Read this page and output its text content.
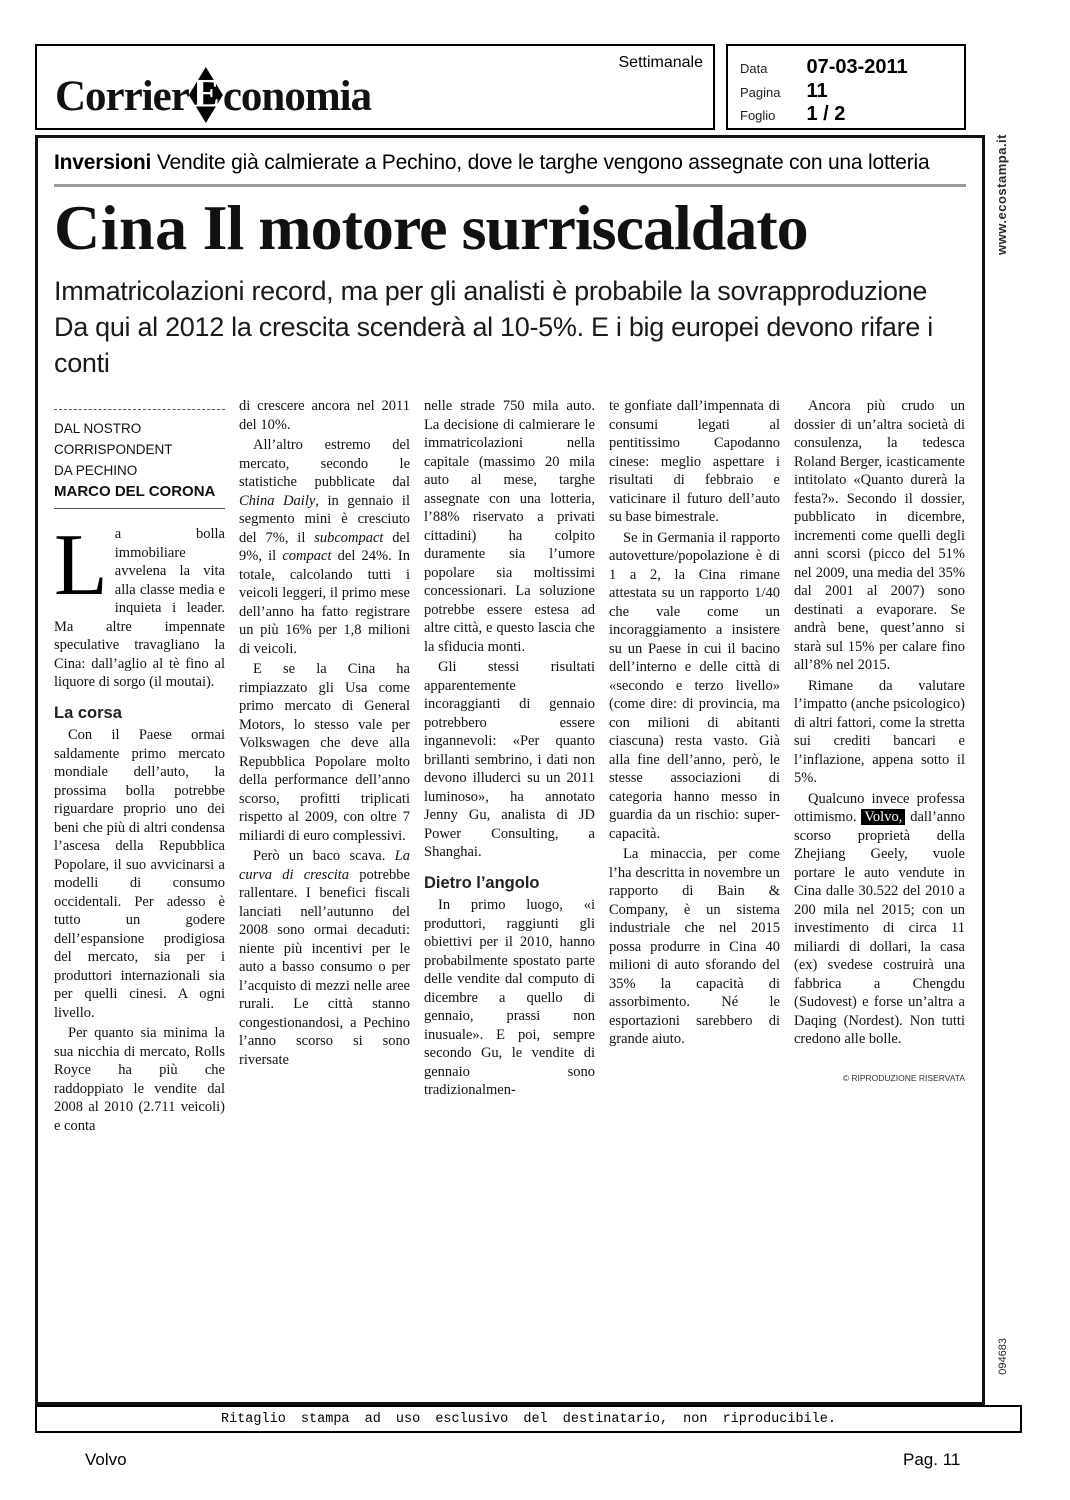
Corrier E conomia
Settimanale	Data 07-03-2011
Pagina 11
Foglio 1 / 2
www.ecostampa.it
094683
Inversioni Vendite già calmierate a Pechino, dove le targhe vengono assegnate con una lotteria
Cina Il motore surriscaldato
Immatricolazioni record, ma per gli analisti è probabile la sovrapproduzione
Da qui al 2012 la crescita scenderà al 10-5%. E i big europei devono rifare i conti
DAL NOSTRO CORRISPONDENT
DA PECHINO
MARCO DEL CORONA

La bolla immobiliare avvelena la vita alla classe media e inquieta i leader. Ma altre impennate speculative travagliano la Cina: dall’aglio al tè fino al liquore di sorgo (il moutai).

La corsa

Con il Paese ormai saldamente primo mercato mondiale dell’auto, la prossima bolla potrebbe riguardare proprio uno dei beni che più di altri condensa l’ascesa della Repubblica Popolare, il suo avvicinarsi a modelli di consumo occidentali. Per adesso è tutto un godere dell’espansione prodigiosa del mercato, sia per i produttori internazionali sia per quelli cinesi. A ogni livello.

Per quanto sia minima la sua nicchia di mercato, Rolls Royce ha più che raddoppiato le vendite dal 2008 al 2010 (2.711 veicoli) e conta

di crescere ancora nel 2011 del 10%.

All’altro estremo del mercato, secondo le statistiche pubblicate dal China Daily, in gennaio il segmento mini è cresciuto del 7%, il subcompact del 9%, il compact del 24%. In totale, calcolando tutti i veicoli leggeri, il primo mese dell’anno ha fatto registrare un più 16% per 1,8 milioni di veicoli.

E se la Cina ha rimpiazzato gli Usa come primo mercato di General Motors, lo stesso vale per Volkswagen che deve alla Repubblica Popolare molto della performance dell’anno scorso, profitti triplicati rispetto al 2009, con oltre 7 miliardi di euro complessivi.

Però un baco scava. La curva di crescita potrebbe rallentare. I benefici fiscali lanciati nell’autunno del 2008 sono ormai decaduti: niente più incentivi per le auto a basso consumo o per l’acquisto di mezzi nelle aree rurali. Le città stanno congestionandosi, a Pechino l’anno scorso si sono riversate

nelle strade 750 mila auto. La decisione di calmierare le immatricolazioni nella capitale (massimo 20 mila auto al mese, targhe assegnate con una lotteria, l’88% riservato a privati cittadini) ha colpito duramente sia l’umore popolare sia moltissimi concessionari. La soluzione potrebbe essere estesa ad altre città, e questo lascia che la sfiducia monti.

Gli stessi risultati apparentemente incoraggianti di gennaio potrebbero essere ingannevoli: «Per quanto brillanti sembrino, i dati non devono illuderci su un 2011 luminoso», ha annotato Jenny Gu, analista di JD Power Consulting, a Shanghai.

Dietro l’angolo

In primo luogo, «i produttori, raggiunti gli obiettivi per il 2010, hanno probabilmente spostato parte delle vendite dal computo di dicembre a quello di gennaio, prassi non inusuale». E poi, sempre secondo Gu, le vendite di gennaio sono tradizionalmen-

te gonfiate dall’impennata di consumi legati al pentitissimo Capodanno cinese: meglio aspettare i risultati di febbraio e vaticinare il futuro dell’auto su base bimestrale.

Se in Germania il rapporto autovetture/popolazione è di 1 a 2, la Cina rimane attestata su un rapporto 1/40 che vale come un incoraggiamento a insistere su un Paese in cui il bacino dell’interno e delle città di «secondo e terzo livello» (come dire: di provincia, ma con milioni di abitanti ciascuna) resta vasto. Già alla fine dell’anno, però, le stesse associazioni di categoria hanno messo in guardia da un rischio: super-capacità.

La minaccia, per come l’ha descritta in novembre un rapporto di Bain & Company, è un sistema industriale che nel 2015 possa produrre in Cina 40 milioni di auto sforando del 35% la capacità di assorbimento. Né le esportazioni sarebbero di grande aiuto.

Ancora più crudo un dossier di un’altra società di consulenza, la tedesca Roland Berger, icasticamente intitolato «Quanto durerà la festa?». Secondo il dossier, pubblicato in dicembre, incrementi come quelli degli anni scorsi (picco del 51% nel 2009, una media del 35% dal 2001 al 2007) sono destinati a evaporare. Se andrà bene, quest’anno si starà sul 15% per calare fino all’8% nel 2015.

Rimane da valutare l’impatto (anche psicologico) di altri fattori, come la stretta sui crediti bancari e l’inflazione, appena sotto il 5%.

Qualcuno invece professa ottimismo. Volvo, dall’anno scorso proprietà della Zhejiang Geely, vuole portare le auto vendute in Cina dalle 30.522 del 2010 a 200 mila nel 2015; con un investimento di circa 11 miliardi di dollari, la casa (ex) svedese costruirà una fabbrica a Chengdu (Sudovest) e forse un’altra a Daqing (Nordest). Non tutti credono alle bolle.

© RIPRODUZIONE RISERVATA
Ritaglio stampa ad uso esclusivo del destinatario, non riproducibile.
Volvo	Pag. 11
